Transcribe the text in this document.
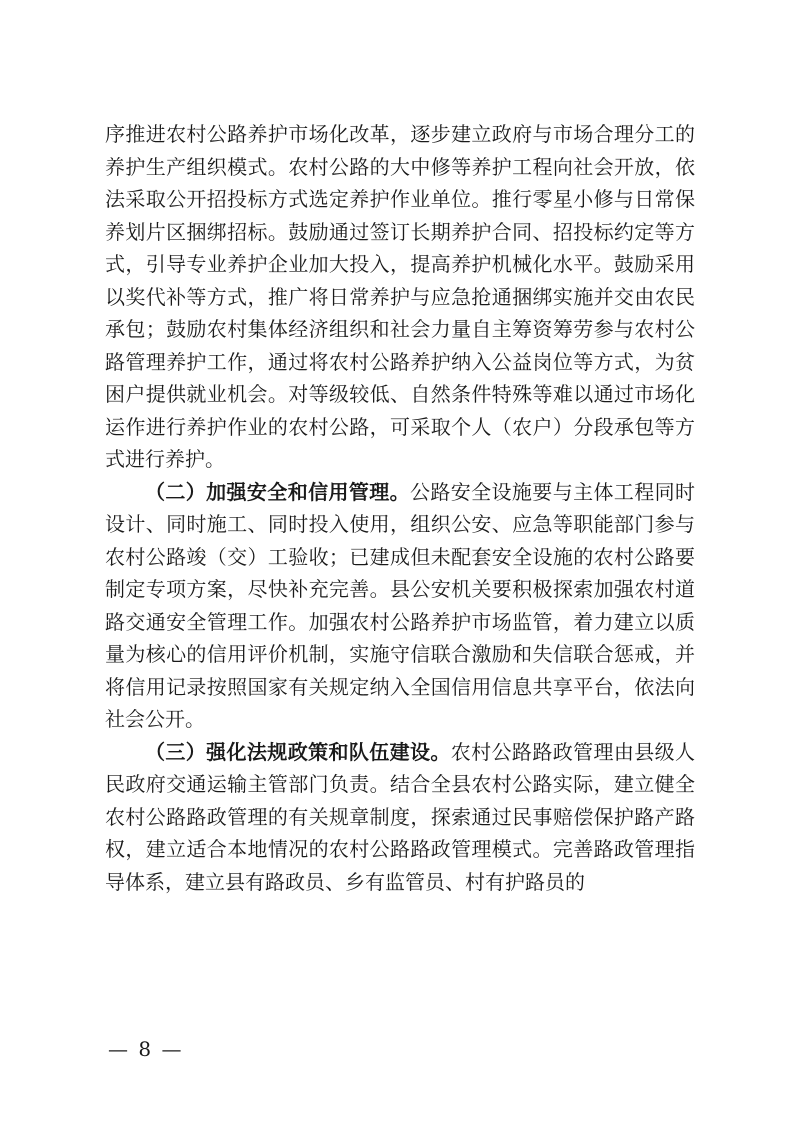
序推进农村公路养护市场化改革，逐步建立政府与市场合理分工的养护生产组织模式。农村公路的大中修等养护工程向社会开放，依法采取公开招投标方式选定养护作业单位。推行零星小修与日常保养划片区捆绑招标。鼓励通过签订长期养护合同、招投标约定等方式，引导专业养护企业加大投入，提高养护机械化水平。鼓励采用以奖代补等方式，推广将日常养护与应急抢通捆绑实施并交由农民承包；鼓励农村集体经济组织和社会力量自主筹资筹劳参与农村公路管理养护工作，通过将农村公路养护纳入公益岗位等方式，为贫困户提供就业机会。对等级较低、自然条件特殊等难以通过市场化运作进行养护作业的农村公路，可采取个人（农户）分段承包等方式进行养护。

（二）加强安全和信用管理。公路安全设施要与主体工程同时设计、同时施工、同时投入使用，组织公安、应急等职能部门参与农村公路竣（交）工验收；已建成但未配套安全设施的农村公路要制定专项方案，尽快补充完善。县公安机关要积极探索加强农村道路交通安全管理工作。加强农村公路养护市场监管，着力建立以质量为核心的信用评价机制，实施守信联合激励和失信联合惩戒，并将信用记录按照国家有关规定纳入全国信用信息共享平台，依法向社会公开。

（三）强化法规政策和队伍建设。农村公路路政管理由县级人民政府交通运输主管部门负责。结合全县农村公路实际，建立健全农村公路路政管理的有关规章制度，探索通过民事赔偿保护路产路权，建立适合本地情况的农村公路路政管理模式。完善路政管理指导体系，建立县有路政员、乡有监管员、村有护路员的

— 8 —
